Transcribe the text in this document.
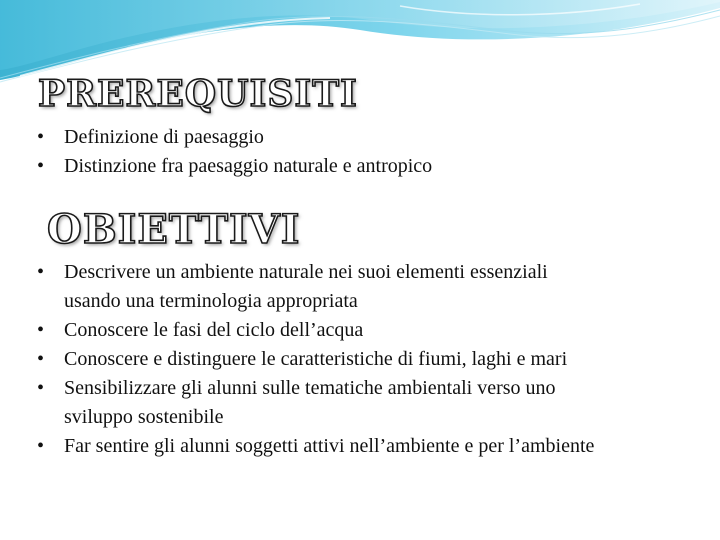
PREREQUISITI
• Definizione di paesaggio
• Distinzione fra paesaggio naturale e antropico
OBIETTIVI
• Descrivere un ambiente naturale nei suoi elementi essenziali usando una terminologia appropriata
• Conoscere le fasi del ciclo dell’acqua
• Conoscere e distinguere le caratteristiche di fiumi, laghi e mari
• Sensibilizzare gli alunni sulle tematiche ambientali verso uno sviluppo sostenibile
• Far sentire gli alunni soggetti attivi nell’ambiente e per l’ambiente
